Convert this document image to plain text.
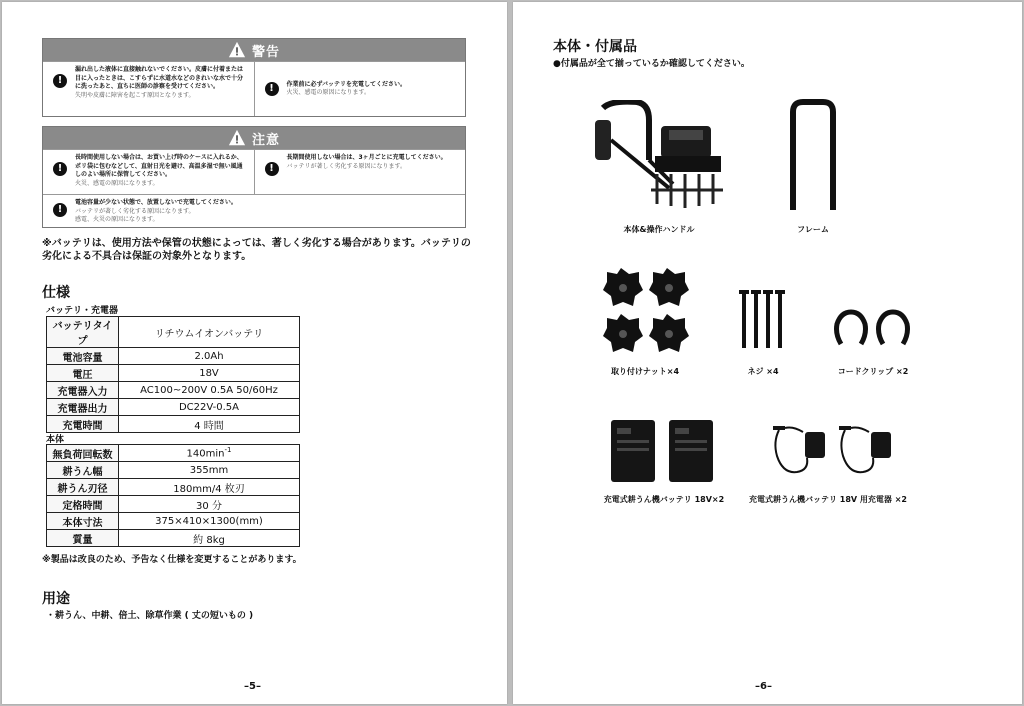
警告
!
漏れ出した液体に直接触れないでください。皮膚に付着または目に入ったときは、こすらずに水道水などのきれいな水で十分に洗ったあと、直ちに医師の診察を受けてください。
失明や皮膚に障害を起こす原因となります。
!	作業前に必ずバッテリを充電してください。
火災、感電の原因になります。
注意
!
長時間使用しない場合は、お買い上げ時のケースに入れるか、ポリ袋に包むなどして、直射日光を避け、高温多湿で無い風通しのよい場所に保管してください。
火災、感電の原因になります。
!
長期間使用しない場合は、3ヶ月ごとに充電してください。
バッテリが著しく劣化する原因になります。
!
電池容量が少ない状態で、放置しないで充電してください。
バッテリが著しく劣化する原因になります。
感電、火災の原因になります。
※バッテリは、使用方法や保管の状態によっては、著しく劣化する場合があります。バッテリの劣化による不具合は保証の対象外となります。
仕様
バッテリ・充電器
バッテリタイプ	リチウムイオンバッテリ
電池容量	2.0Ah
電圧	18V
充電器入力	AC100~200V 0.5A 50/60Hz
充電器出力	DC22V-0.5A
充電時間	4 時間
本体
無負荷回転数	$140\min^{-1}$
耕うん幅	355mm
耕うん刃径	180mm/4 枚刃
定格時間	30 分
本体寸法	375×410×1300(mm)
質量	約 8kg
※製品は改良のため、予告なく仕様を変更することがあります。
用途
・耕うん、中耕、倍土、除草作業 ( 丈の短いもの )
–5–
本体・付属品
●付属品が全て揃っているか確認してください。
本体&操作ハンドル	フレーム
取り付けナット×4	ネジ ×4	コードクリップ ×2
充電式耕うん機バッテリ 18V×2	充電式耕うん機バッテリ 18V 用充電器 ×2
–6–
